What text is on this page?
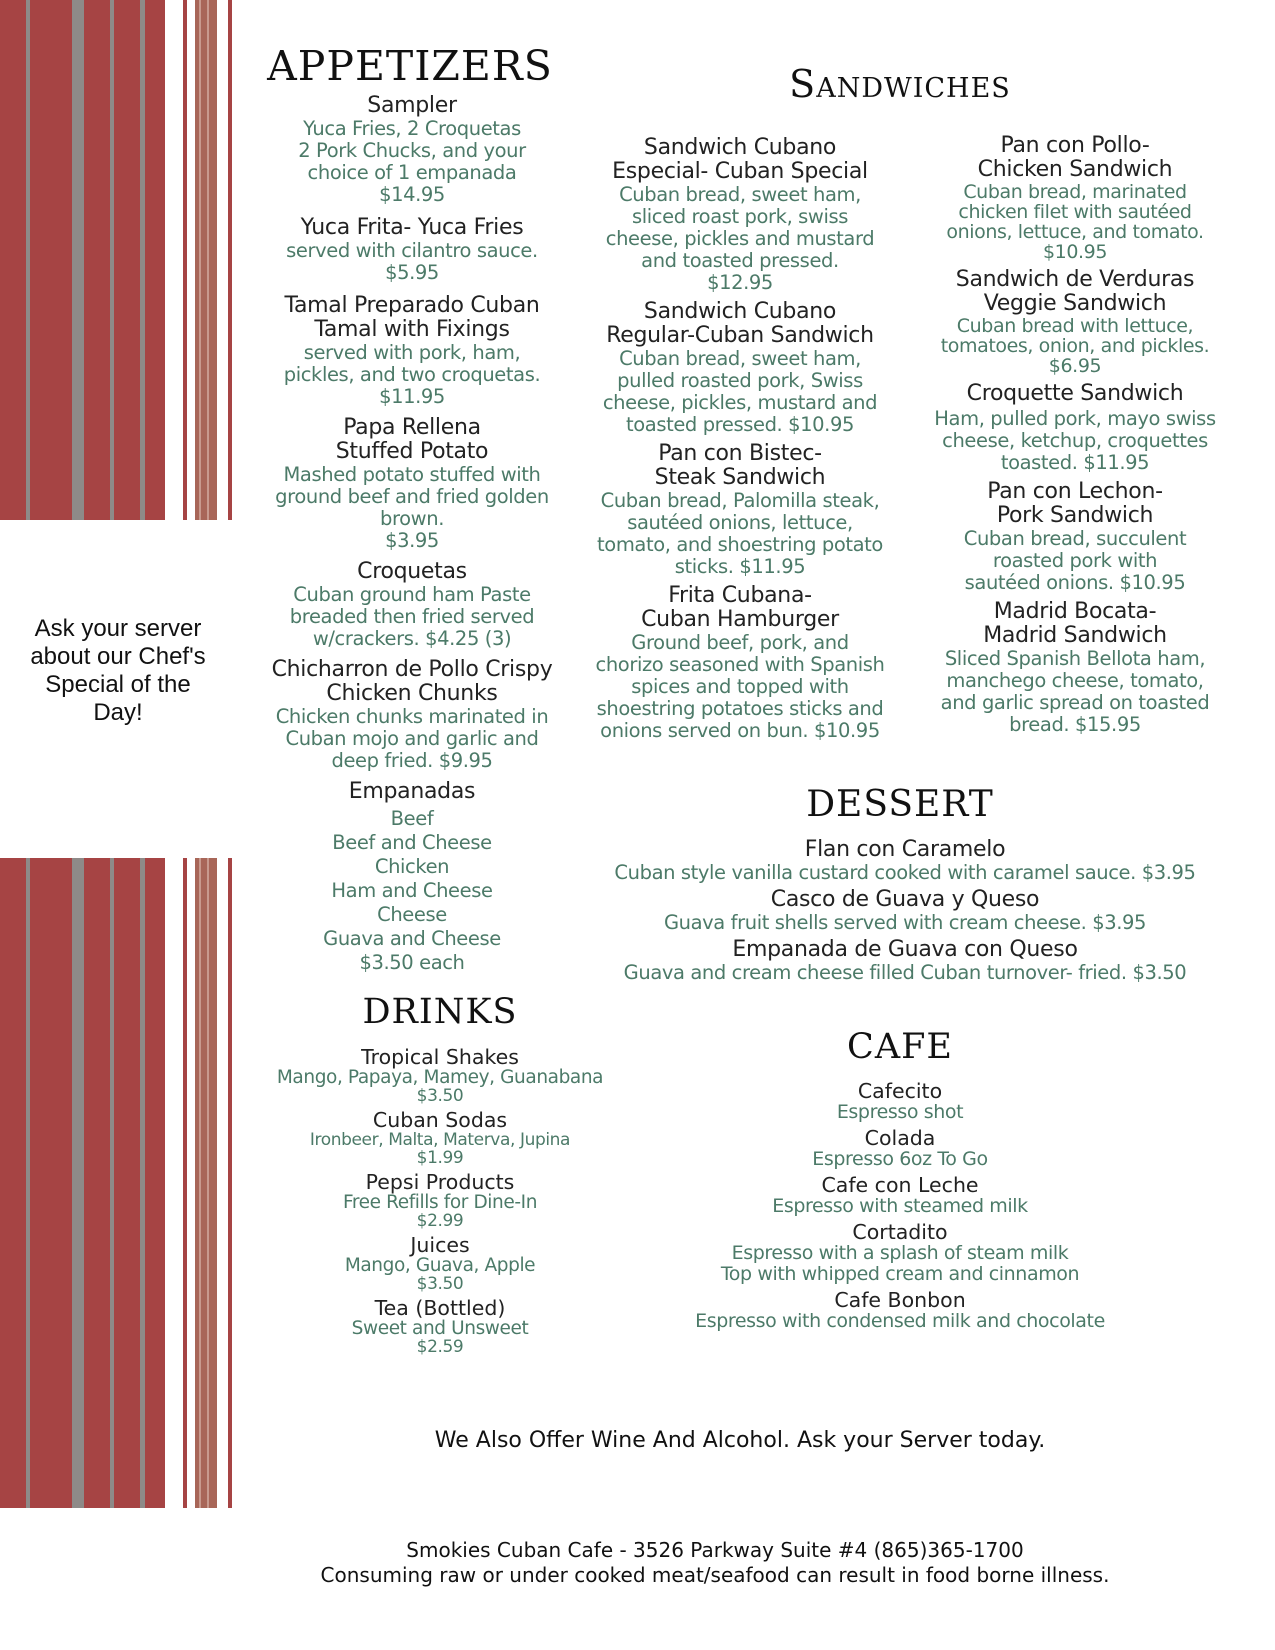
Ask your server about our Chef's Special of the Day!
APPETIZERS
Sampler
Yuca Fries, 2 Croquetas
2 Pork Chucks, and your
choice of 1 empanada
$14.95
Yuca Frita- Yuca Fries
served with cilantro sauce.
$5.95
Tamal Preparado Cuban Tamal with Fixings
served with pork, ham,
pickles, and two croquetas.
$11.95
Papa Rellena Stuffed Potato
Mashed potato stuffed with
ground beef and fried golden
brown.
$3.95
Croquetas
Cuban ground ham Paste
breaded then fried served
w/crackers. $4.25 (3)
Chicharron de Pollo Crispy Chicken Chunks
Chicken chunks marinated in
Cuban mojo and garlic and
deep fried. $9.95
Empanadas
Beef
Beef and Cheese
Chicken
Ham and Cheese
Cheese
Guava and Cheese
$3.50 each
Sandwiches
Sandwich Cubano Especial- Cuban Special
Cuban bread, sweet ham,
sliced roast pork, swiss
cheese, pickles and mustard
and toasted pressed.
$12.95
Sandwich Cubano Regular-Cuban Sandwich
Cuban bread, sweet ham,
pulled roasted pork, Swiss
cheese, pickles, mustard and
toasted pressed. $10.95
Pan con Bistec- Steak Sandwich
Cuban bread, Palomilla steak,
sautéed onions, lettuce,
tomato, and shoestring potato
sticks. $11.95
Frita Cubana- Cuban Hamburger
Ground beef, pork, and
chorizo seasoned with Spanish
spices and topped with
shoestring potatoes sticks and
onions served on bun. $10.95
Pan con Pollo- Chicken Sandwich
Cuban bread, marinated
chicken filet with sautéed
onions, lettuce, and tomato.
$10.95
Sandwich de Verduras Veggie Sandwich
Cuban bread with lettuce,
tomatoes, onion, and pickles.
$6.95
Croquette Sandwich
Ham, pulled pork, mayo swiss
cheese, ketchup, croquettes
toasted. $11.95
Pan con Lechon- Pork Sandwich
Cuban bread, succulent
roasted pork with
sautéed onions. $10.95
Madrid Bocata- Madrid Sandwich
Sliced Spanish Bellota ham,
manchego cheese, tomato,
and garlic spread on toasted
bread. $15.95
DESSERT
Flan con Caramelo
Cuban style vanilla custard cooked with caramel sauce. $3.95
Casco de Guava y Queso
Guava fruit shells served with cream cheese. $3.95
Empanada de Guava con Queso
Guava and cream cheese filled Cuban turnover- fried. $3.50
DRINKS
Tropical Shakes
Mango, Papaya, Mamey, Guanabana
$3.50
Cuban Sodas
Ironbeer, Malta, Materva, Jupina
$1.99
Pepsi Products
Free Refills for Dine-In
$2.99
Juices
Mango, Guava, Apple
$3.50
Tea (Bottled)
Sweet and Unsweet
$2.59
CAFE
Cafecito
Espresso shot
Colada
Espresso 6oz To Go
Cafe con Leche
Espresso with steamed milk
Cortadito
Espresso with a splash of steam milk
Top with whipped cream and cinnamon
Cafe Bonbon
Espresso with condensed milk and chocolate
We Also Offer Wine And Alcohol. Ask your Server today.
Smokies Cuban Cafe - 3526 Parkway Suite #4 (865)365-1700
Consuming raw or under cooked meat/seafood can result in food borne illness.
